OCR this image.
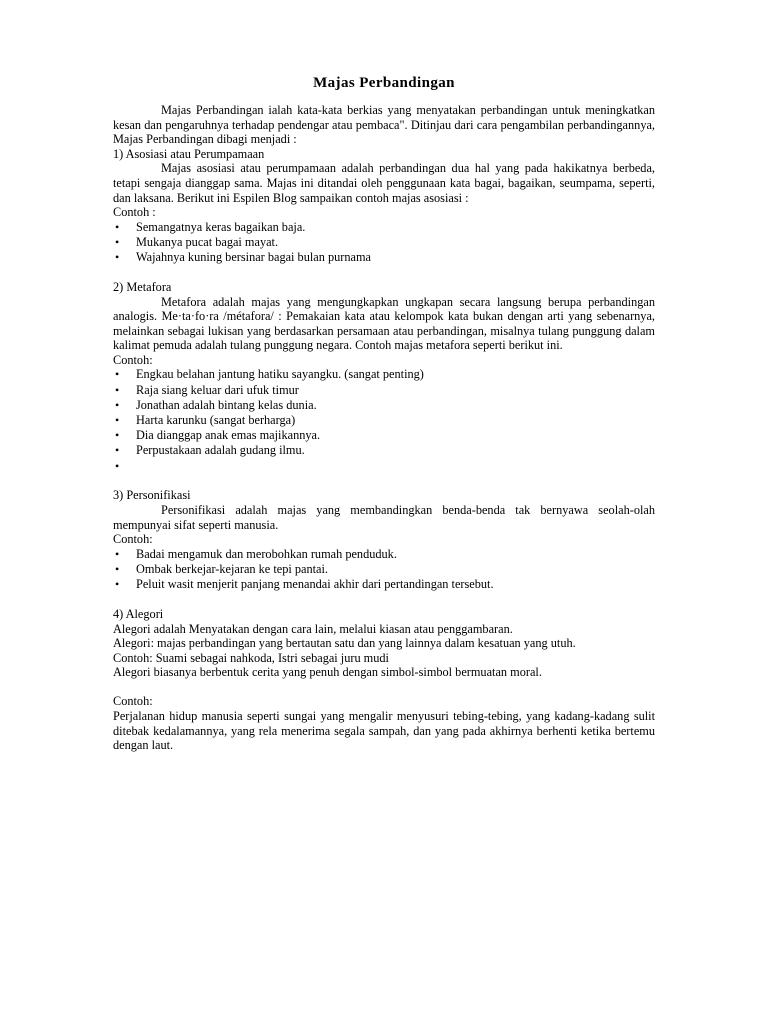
Majas Perbandingan

Majas Perbandingan ialah kata-kata berkias yang menyatakan perbandingan untuk meningkatkan kesan dan pengaruhnya terhadap pendengar atau pembaca". Ditinjau dari cara pengambilan perbandingannya, Majas Perbandingan dibagi menjadi :

1) Asosiasi atau Perumpamaan

Majas asosiasi atau perumpamaan adalah perbandingan dua hal yang pada hakikatnya berbeda, tetapi sengaja dianggap sama. Majas ini ditandai oleh penggunaan kata bagai, bagaikan, seumpama, seperti, dan laksana. Berikut ini Espilen Blog sampaikan contoh majas asosiasi :

Contoh :

• Semangatnya keras bagaikan baja.
• Mukanya pucat bagai mayat.
• Wajahnya kuning bersinar bagai bulan purnama

2) Metafora

Metafora adalah majas yang mengungkapkan ungkapan secara langsung berupa perbandingan analogis. Me·ta·fo·ra /métafora/ : Pemakaian kata atau kelompok kata bukan dengan arti yang sebenarnya, melainkan sebagai lukisan yang berdasarkan persamaan atau perbandingan, misalnya tulang punggung dalam kalimat pemuda adalah tulang punggung negara. Contoh majas metafora seperti berikut ini.

Contoh:

• Engkau belahan jantung hatiku sayangku. (sangat penting)
• Raja siang keluar dari ufuk timur
• Jonathan adalah bintang kelas dunia.
• Harta karunku (sangat berharga)
• Dia dianggap anak emas majikannya.
• Perpustakaan adalah gudang ilmu.
•

3) Personifikasi

Personifikasi adalah majas yang membandingkan benda-benda tak bernyawa seolah-olah mempunyai sifat seperti manusia.

Contoh:

• Badai mengamuk dan merobohkan rumah penduduk.
• Ombak berkejar-kejaran ke tepi pantai.
• Peluit wasit menjerit panjang menandai akhir dari pertandingan tersebut.

4) Alegori

Alegori adalah Menyatakan dengan cara lain, melalui kiasan atau penggambaran.

Alegori: majas perbandingan yang bertautan satu dan yang lainnya dalam kesatuan yang utuh.

Contoh: Suami sebagai nahkoda, Istri sebagai juru mudi

Alegori biasanya berbentuk cerita yang penuh dengan simbol-simbol bermuatan moral.

Contoh:

Perjalanan hidup manusia seperti sungai yang mengalir menyusuri tebing-tebing, yang kadang-kadang sulit ditebak kedalamannya, yang rela menerima segala sampah, dan yang pada akhirnya berhenti ketika bertemu dengan laut.
